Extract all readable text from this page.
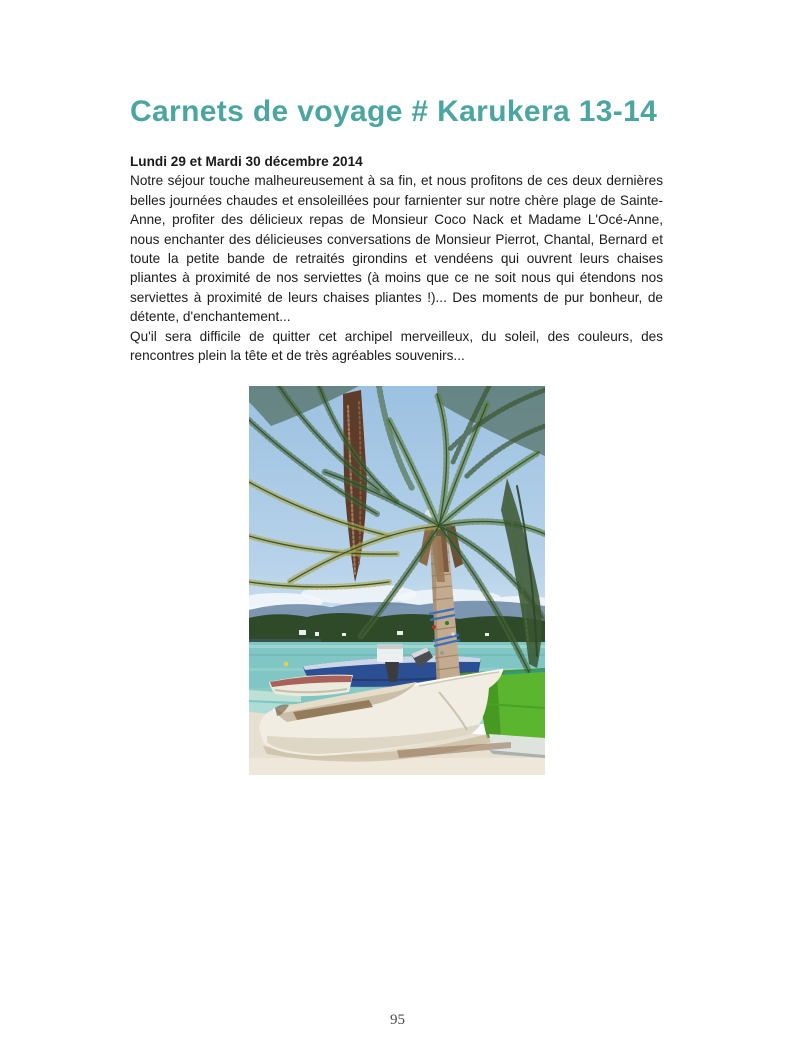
Carnets de voyage # Karukera 13-14

Lundi 29 et Mardi 30 décembre 2014

Notre séjour touche malheureusement à sa fin, et nous profitons de ces deux dernières belles journées chaudes et ensoleillées pour farnienter sur notre chère plage de Sainte-Anne, profiter des délicieux repas de Monsieur Coco Nack et Madame L'Océ-Anne, nous enchanter des délicieuses conversations de Monsieur Pierrot, Chantal, Bernard et toute la petite bande de retraités girondins et vendéens qui ouvrent leurs chaises pliantes à proximité de nos serviettes (à moins que ce ne soit nous qui étendons nos serviettes à proximité de leurs chaises pliantes !)... Des moments de pur bonheur, de détente, d'enchantement...

Qu'il sera difficile de quitter cet archipel merveilleux, du soleil, des couleurs, des rencontres plein la tête et de très agréables souvenirs...

95
